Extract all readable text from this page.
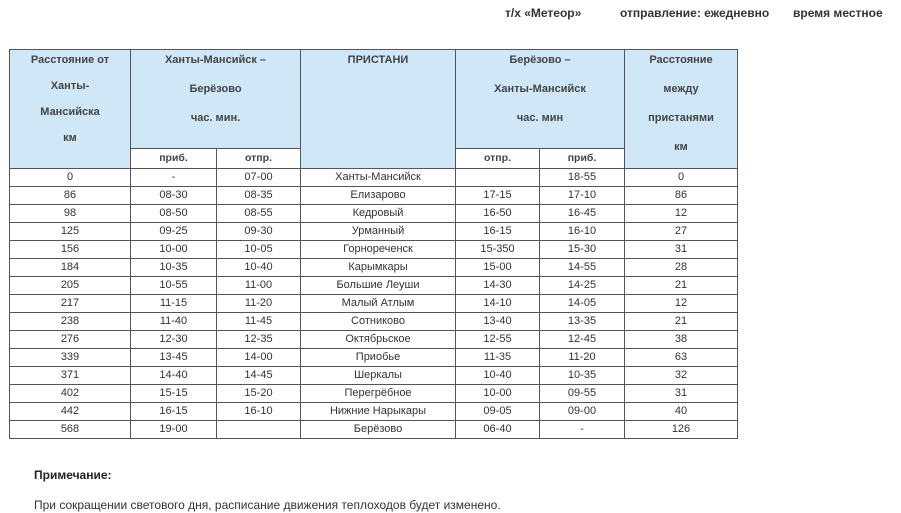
т/х «Метеор»	отправление: ежедневно время местное
Расстояние от
Ханты-
Мансийска
км	Ханты-Мансийск –
Берёзово
час. мин.		ПРИСТАНИ	Берёзово –
Ханты-Мансийск
час. мин		Расстояние
между
пристанями
км

	приб.	отпр.		отпр.	приб.	
0	-	07-00	Ханты-Мансийск		18-55	0
86	08-30	08-35	Елизарово	17-15	17-10	86
98	08-50	08-55	Кедровый	16-50	16-45	12
125	09-25	09-30	Урманный	16-15	16-10	27
156	10-00	10-05	Горнореченск	15-350	15-30	31
184	10-35	10-40	Карымкары	15-00	14-55	28
205	10-55	11-00	Большие Леуши	14-30	14-25	21
217	11-15	11-20	Малый Атлым	14-10	14-05	12
238	11-40	11-45	Сотниково	13-40	13-35	21
276	12-30	12-35	Октябрьское	12-55	12-45	38
339	13-45	14-00	Приобье	11-35	11-20	63
371	14-40	14-45	Шеркалы	10-40	10-35	32
402	15-15	15-20	Перегрёбное	10-00	09-55	31
442	16-15	16-10	Нижние Нарыкары	09-05	09-00	40
568	19-00		Берёзово	06-40	-	126
Примечание:
При сокращении светового дня, расписание движения теплоходов будет изменено.
